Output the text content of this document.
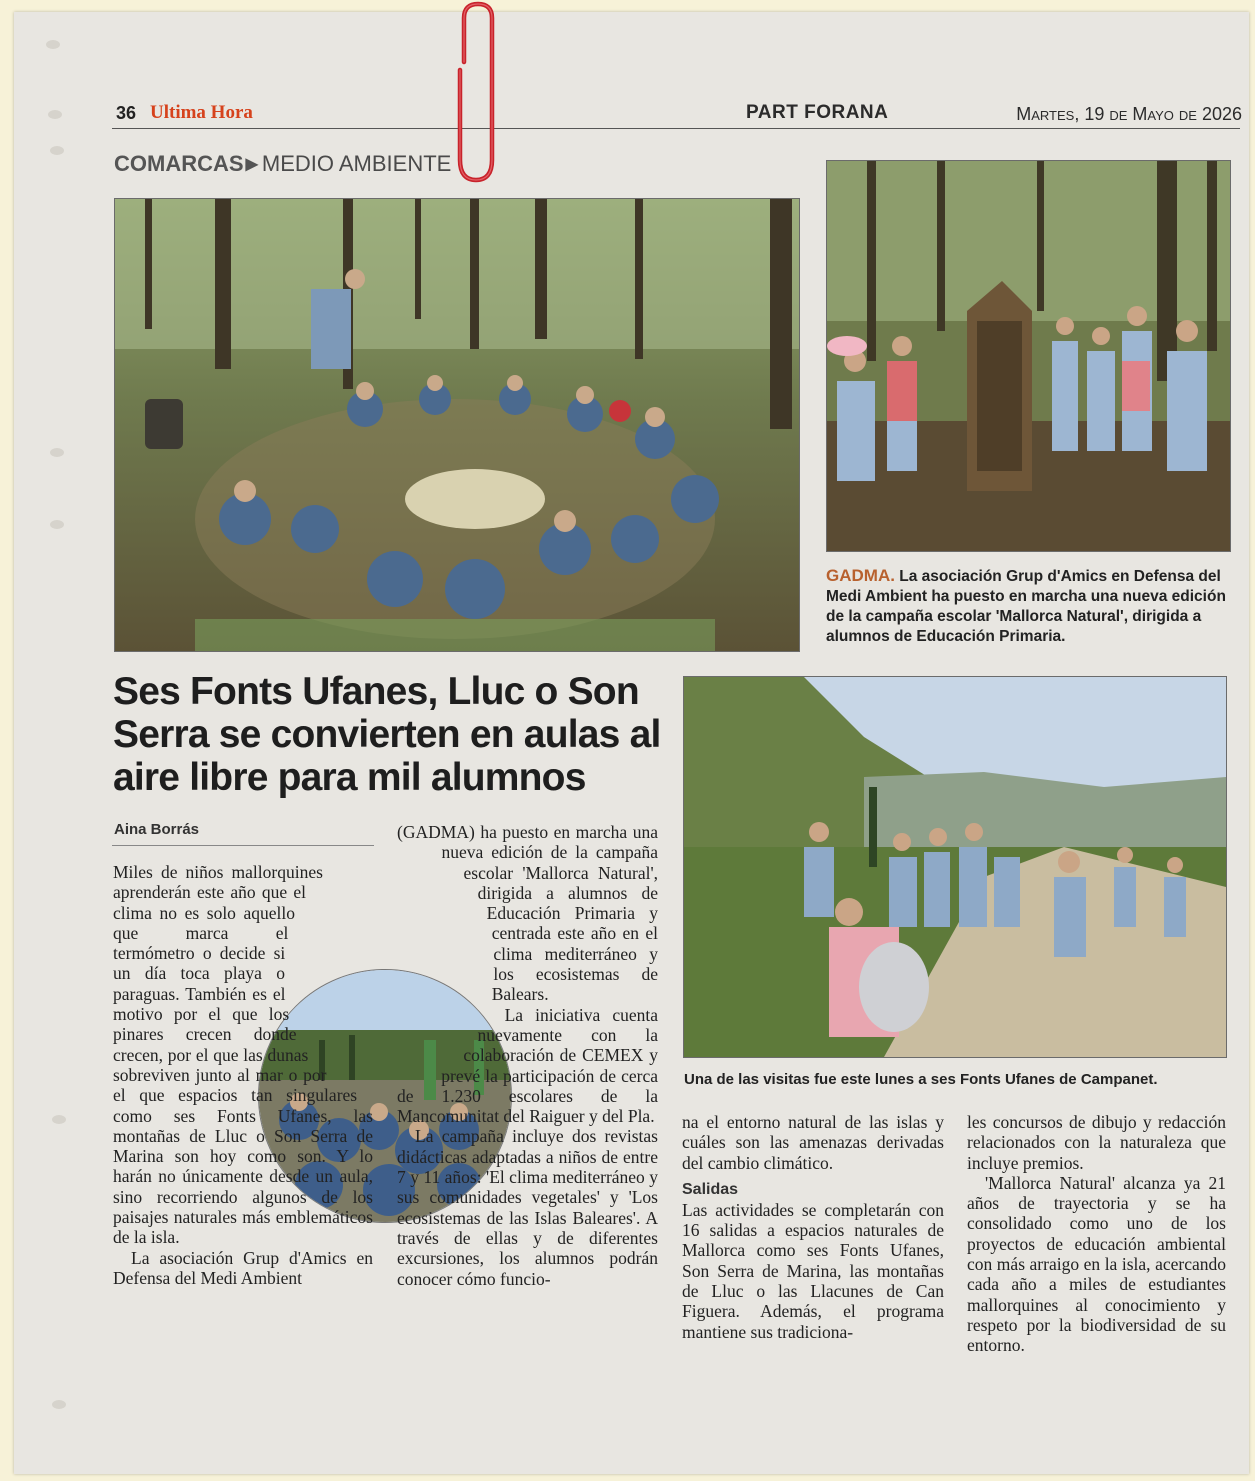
36 Ultima Hora	PART FORANA	Martes, 19 de Mayo de 2026
COMARCAS ▶ MEDIO AMBIENTE
GADMA. La asociación Grup d'Amics en Defensa del Medi Ambient ha puesto en marcha una nueva edición de la campaña escolar 'Mallorca Natural', dirigida a alumnos de Educación Primaria.
Una de las visitas fue este lunes a ses Fonts Ufanes de Campanet.
Ses Fonts Ufanes, Lluc o Son Serra se convierten en aulas al aire libre para mil alumnos
Aina Borrás

Miles de niños mallorquines aprenderán este año que el clima no es solo aquello que marca el termómetro o decide si un día toca playa o paraguas. También es el motivo por el que los pinares crecen donde crecen, por el que las dunas sobreviven junto al mar o por el que espacios tan singulares como ses Fonts Ufanes, las montañas de Lluc o Son Serra de Marina son hoy como son. Y lo harán no únicamente desde un aula, sino recorriendo algunos de los paisajes naturales más emblemáticos de la isla.

La asociación Grup d'Amics en Defensa del Medi Ambient

(GADMA) ha puesto en marcha una nueva edición de la campaña escolar 'Mallorca Natural', dirigida a alumnos de Educación Primaria y centrada este año en el clima mediterráneo y los ecosistemas de Balears.

La iniciativa cuenta nuevamente con la colaboración de CEMEX y prevé la participación de cerca de 1.230 escolares de la Mancomunitat del Raiguer y del Pla.

La campaña incluye dos revistas didácticas adaptadas a niños de entre 7 y 11 años: 'El clima mediterráneo y sus comunidades vegetales' y 'Los ecosistemas de las Islas Baleares'. A través de ellas y de diferentes excursiones, los alumnos podrán conocer cómo funcio-

na el entorno natural de las islas y cuáles son las amenazas derivadas del cambio climático.

Salidas

Las actividades se completarán con 16 salidas a espacios naturales de Mallorca como ses Fonts Ufanes, Son Serra de Marina, las montañas de Lluc o las Llacunes de Can Figuera. Además, el programa mantiene sus tradiciona-

les concursos de dibujo y redacción relacionados con la naturaleza que incluye premios.

'Mallorca Natural' alcanza ya 21 años de trayectoria y se ha consolidado como uno de los proyectos de educación ambiental con más arraigo en la isla, acercando cada año a miles de estudiantes mallorquines al conocimiento y respeto por la biodiversidad de su entorno.
